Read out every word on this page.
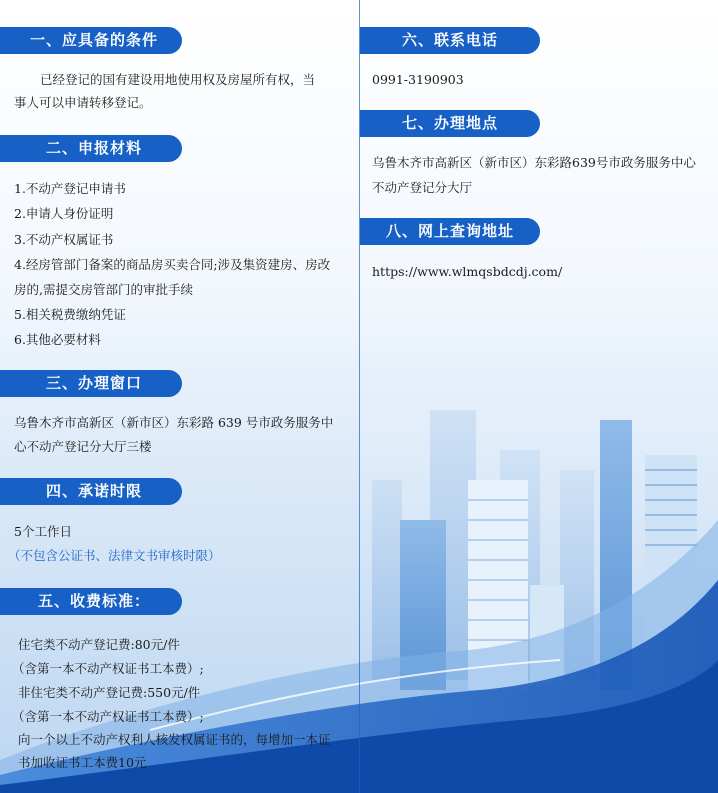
一、应具备的条件
已经登记的国有建设用地使用权及房屋所有权，当
事人可以申请转移登记。
二、申报材料
1.不动产登记申请书
2.申请人身份证明
3.不动产权属证书
4.经房管部门备案的商品房买卖合同;涉及集资建房、房改
房的,需提交房管部门的审批手续
5.相关税费缴纳凭证
6.其他必要材料
三、办理窗口
乌鲁木齐市高新区（新市区）东彩路 639 号市政务服务中
心不动产登记分大厅三楼
四、承诺时限
5个工作日
（不包含公证书、法律文书审核时限）
五、收费标准：
住宅类不动产登记费:80元/件
（含第一本不动产权证书工本费）;
非住宅类不动产登记费:550元/件
（含第一本不动产权证书工本费）;
向一个以上不动产权利人核发权属证书的，每增加一本证
书加收证书工本费10元
六、联系电话
0991-3190903
七、办理地点
乌鲁木齐市高新区（新市区）东彩路639号市政务服务中心
不动产登记分大厅
八、网上查询地址
https://www.wlmqsbdcdj.com/
